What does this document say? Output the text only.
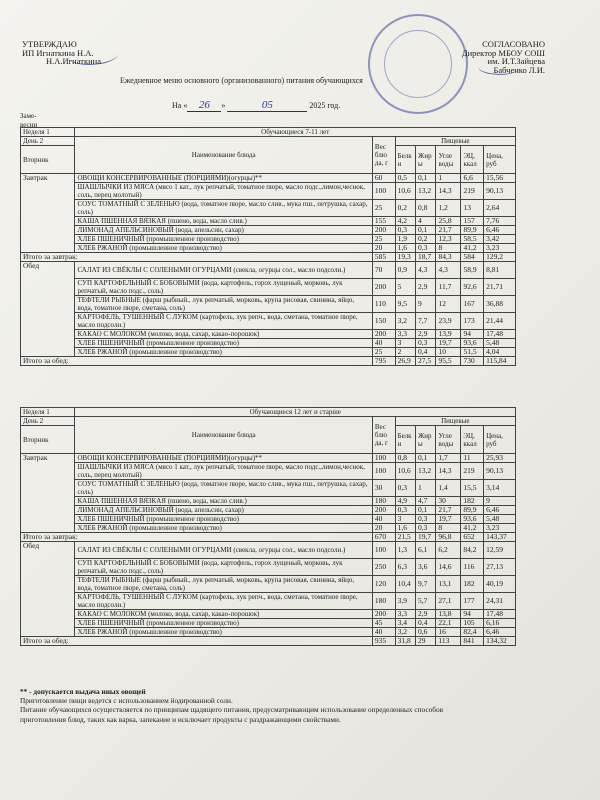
УТВЕРЖДАЮ
ИП Игнаткина Н.А.
Н.А.Игнаткина
СОГЛАСОВАНО
Директор МБОУ СОШ
им. И.Т.Зайцева
Бабченко Л.И.
Ежедневное меню основного (организованного) питания обучающихся
На « 26 »	05	2025 год.
Заме-
весни
Неделя 1	Обучающиеся 7-11 лет						
День 2	Наименование блюда	Вес блю да, г	Пищевые				
Вторник			Белк и	Жир ы	Угле воды	ЭЦ, ккал	Цена, руб

Завтрак	ОВОЩИ КОНСЕРВИРОВАННЫЕ (ПОРЦИЯМИ)(огурцы)**	60	0,5	0,1	1	6,6	15,56
	ШАШЛЫЧКИ ИЗ МЯСА (мясо 1 кат., лук репчатый, томатное пюре, масло подс.,лимон,чеснок, соль, перец молотый)	100	10,6	13,2	14,3	219	90,13
	СОУС ТОМАТНЫЙ С ЗЕЛЕНЬЮ (вода, томатное пюре, масло слив., мука пш., петрушка, сахар, соль)	25	0,2	0,8	1,2	13	2,64
	КАША ПШЕННАЯ ВЯЗКАЯ (пшено, вода, масло слив.)	155	4,2	4	25,8	157	7,76
	ЛИМОНАД АПЕЛЬСИНОВЫЙ (вода, апельсин, сахар)	200	0,3	0,1	21,7	89,9	6,46
	ХЛЕБ ПШЕНИЧНЫЙ (промышленное производство)	25	1,9	0,2	12,3	58,5	3,42
	ХЛЕБ РЖАНОЙ (промышленное производство)	20	1,6	0,3	8	41,2	3,23
Итого за завтрак:		585	19,3	18,7	84,3	584	129,2
Обед	САЛАТ ИЗ СВЁКЛЫ С СОЛЕНЫМИ ОГУРЦАМИ (свекла, огурцы сол., масло подсолн.)	70	0,9	4,3	4,3	58,9	8,81
	СУП КАРТОФЕЛЬНЫЙ С БОБОВЫМИ (вода, картофель, горох лущеный, морковь, лук репчатый, масло подс., соль)	200	5	2,9	11,7	92,6	21,71
	ТЕФТЕЛИ РЫБНЫЕ (фарш рыбный., лук репчатый, морковь, крупа рисовая, свинина, яйцо, вода, томатное пюре, сметана, соль)	110	9,5	9	12	167	36,88
	КАРТОФЕЛЬ, ТУШЕННЫЙ С ЛУКОМ (картофель, лук репч., вода, сметана, томатное пюре, масло подсолн.)	150	3,2	7,7	23,9	173	21,44
	КАКАО С МОЛОКОМ (молоко, вода, сахар, какао-порошок)	200	3,3	2,9	13,9	94	17,48
	ХЛЕБ ПШЕНИЧНЫЙ (промышленное производство)	40	3	0,3	19,7	93,6	5,48
	ХЛЕБ РЖАНОЙ (промышленное производство)	25	2	0,4	10	51,5	4,04
Итого за обед:		795	26,9	27,5	95,5	730	115,84
Неделя 1	Обучающиеся 12 лет и старше						
День 2	Наименование блюда	Вес блю да, г	Пищевые				
Вторник			Белк и	Жир ы	Угле воды	ЭЦ, ккал	Цена, руб

Завтрак	ОВОЩИ КОНСЕРВИРОВАННЫЕ (ПОРЦИЯМИ)(огурцы)**	100	0,8	0,1	1,7	11	25,93
	ШАШЛЫЧКИ ИЗ МЯСА (мясо 1 кат., лук репчатый, томатное пюре, масло подс.,лимон,чеснок, соль, перец молотый)	100	10,6	13,2	14,3	219	90,13
	СОУС ТОМАТНЫЙ С ЗЕЛЕНЬЮ (вода, томатное пюре, масло слив., мука пш., петрушка, сахар, соль)	30	0,3	1	1,4	15,5	3,14
	КАША ПШЕННАЯ ВЯЗКАЯ (пшено, вода, масло слив.)	180	4,9	4,7	30	182	9
	ЛИМОНАД АПЕЛЬСИНОВЫЙ (вода, апельсин, сахар)	200	0,3	0,1	21,7	89,9	6,46
	ХЛЕБ ПШЕНИЧНЫЙ (промышленное производство)	40	3	0,3	19,7	93,6	5,48
	ХЛЕБ РЖАНОЙ (промышленное производство)	20	1,6	0,3	8	41,2	3,23
Итого за завтрак:		670	21,5	19,7	96,8	652	143,37
Обед	САЛАТ ИЗ СВЁКЛЫ С СОЛЕНЫМИ ОГУРЦАМИ (свекла, огурцы сол., масло подсолн.)	100	1,3	6,1	6,2	84,2	12,59
	СУП КАРТОФЕЛЬНЫЙ С БОБОВЫМИ (вода, картофель, горох лущеный, морковь, лук репчатый, масло подс., соль)	250	6,3	3,6	14,6	116	27,13
	ТЕФТЕЛИ РЫБНЫЕ (фарш рыбный., лук репчатый, морковь, крупа рисовая, свинина, яйцо, вода, томатное пюре, сметана, соль)	120	10,4	9,7	13,1	182	40,19
	КАРТОФЕЛЬ, ТУШЕННЫЙ С ЛУКОМ (картофель, лук репч., вода, сметана, томатное пюре, масло подсолн.)	180	3,9	5,7	27,1	177	24,31
	КАКАО С МОЛОКОМ (молоко, вода, сахар, какао-порошок)	200	3,3	2,9	13,8	94	17,48
	ХЛЕБ ПШЕНИЧНЫЙ (промышленное производство)	45	3,4	0,4	22,1	105	6,16
	ХЛЕБ РЖАНОЙ (промышленное производство)	40	3,2	0,6	16	82,4	6,46
Итого за обед:		935	31,8	29	113	841	134,32
** - допускается выдача иных овощей
Приготовление пищи ведется с использованием йодированной соли.
Питание обучающихся осуществляется по принципам щадящего питания, предусматривающим использование определенных способов
приготовления блюд, таких как варка, запекание и исключает продукты с раздражающими свойствами.
